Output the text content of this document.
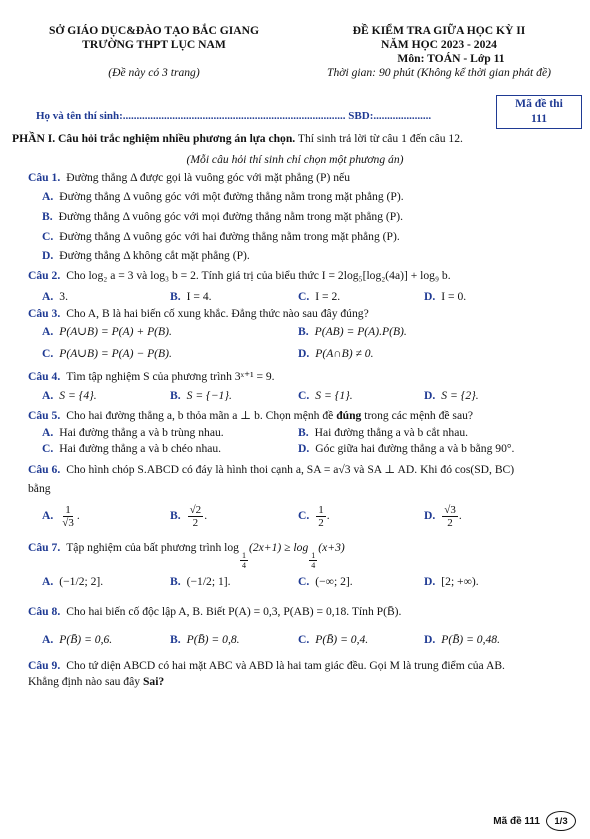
SỞ GIÁO DỤC&ĐÀO TẠO BẮC GIANG
TRƯỜNG THPT LỤC NAM
(Đề này có 3 trang)
ĐỀ KIỂM TRA GIỮA HỌC KỲ II
NĂM HỌC 2023 - 2024
Môn: TOÁN - Lớp 11
Thời gian: 90 phút (Không kể thời gian phát đề)
Mã đề thi
111
Họ và tên thí sinh:................................................................................. SBD:.....................
PHẦN I. Câu hỏi trắc nghiệm nhiều phương án lựa chọn. Thí sinh trả lời từ câu 1 đến câu 12.
(Mỗi câu hỏi thí sinh chỉ chọn một phương án)
Câu 1. Đường thẳng Δ được gọi là vuông góc với mặt phẳng (P) nếu
A. Đường thẳng Δ vuông góc với một đường thẳng nằm trong mặt phẳng (P).
B. Đường thẳng Δ vuông góc với mọi đường thẳng nằm trong mặt phẳng (P).
C. Đường thẳng Δ vuông góc với hai đường thẳng nằm trong mặt phẳng (P).
D. Đường thẳng Δ không cắt mặt phẳng (P).
Câu 2. Cho log₂ a = 3 và log₃ b = 2. Tính giá trị của biểu thức I = 2log₅[log₂(4a)] + log₉ b.
A. 3.	B. I = 4.	C. I = 2.	D. I = 0.
Câu 3. Cho A, B là hai biến cố xung khắc. Đẳng thức nào sau đây đúng?
A. P(A∪B) = P(A) + P(B).	B. P(AB) = P(A).P(B).
C. P(A∪B) = P(A) − P(B).	D. P(A∩B) ≠ 0.
Câu 4. Tìm tập nghiệm S của phương trình 3ˣ⁺¹ = 9.
A. S = {4}.	B. S = {−1}.	C. S = {1}.	D. S = {2}.
Câu 5. Cho hai đường thẳng a, b thỏa mãn a ⊥ b. Chọn mệnh đề đúng trong các mệnh đề sau?
A. Hai đường thẳng a và b trùng nhau.	B. Hai đường thẳng a và b cắt nhau.
C. Hai đường thẳng a và b chéo nhau.	D. Góc giữa hai đường thẳng a và b bằng 90°.
Câu 6. Cho hình chóp S.ABCD có đáy là hình thoi cạnh a, SA = a√3 và SA ⊥ AD. Khi đó cos(SD, BC)
bằng
A. $\frac{1}{√3}$ .	B. $\frac{√2}{2}$ .	C. $\frac{1}{2}$ .	D. $\frac{√3}{2}$ .
Câu 7. Tập nghiệm của bất phương trình log
$\frac{1}{4}$
(2x+1) ≥ log
$\frac{1}{4}$
(x+3)
A. (−1/2; 2].	B. (−1/2; 1].	C. (−∞; 2].	D. [2; +∞).
Câu 8. Cho hai biến cố độc lập A, B. Biết P(A) = 0,3, P(AB) = 0,18. Tính P(B̄).
A. P(B̄) = 0,6.	B. P(B̄) = 0,8.	C. P(B̄) = 0,4.	D. P(B̄) = 0,48.
Câu 9. Cho tứ diện ABCD có hai mặt ABC và ABD là hai tam giác đều. Gọi M là trung điểm của AB.
Khẳng định nào sau đây Sai?
Mã đề 111	1/3
